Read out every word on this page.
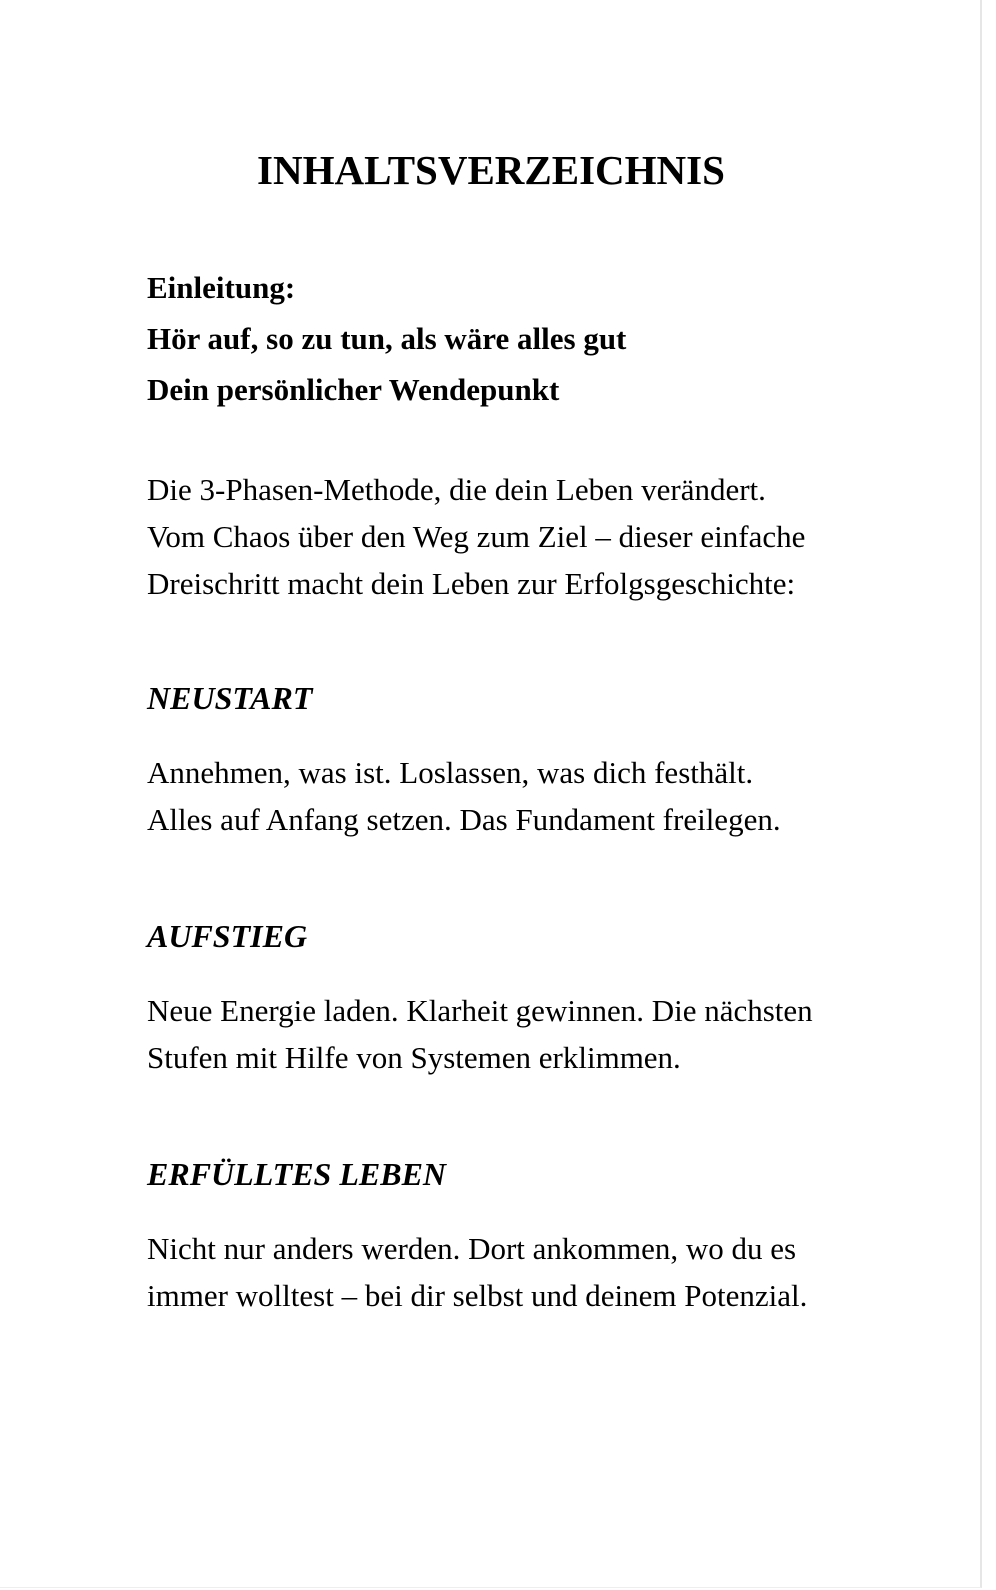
INHALTSVERZEICHNIS

Einleitung:
Hör auf, so zu tun, als wäre alles gut
Dein persönlicher Wendepunkt

Die 3-Phasen-Methode, die dein Leben verändert.
Vom Chaos über den Weg zum Ziel – dieser einfache
Dreischritt macht dein Leben zur Erfolgsgeschichte:

NEUSTART

Annehmen, was ist. Loslassen, was dich festhält.
Alles auf Anfang setzen. Das Fundament freilegen.

AUFSTIEG

Neue Energie laden. Klarheit gewinnen. Die nächsten
Stufen mit Hilfe von Systemen erklimmen.

ERFÜLLTES LEBEN

Nicht nur anders werden. Dort ankommen, wo du es
immer wolltest – bei dir selbst und deinem Potenzial.
